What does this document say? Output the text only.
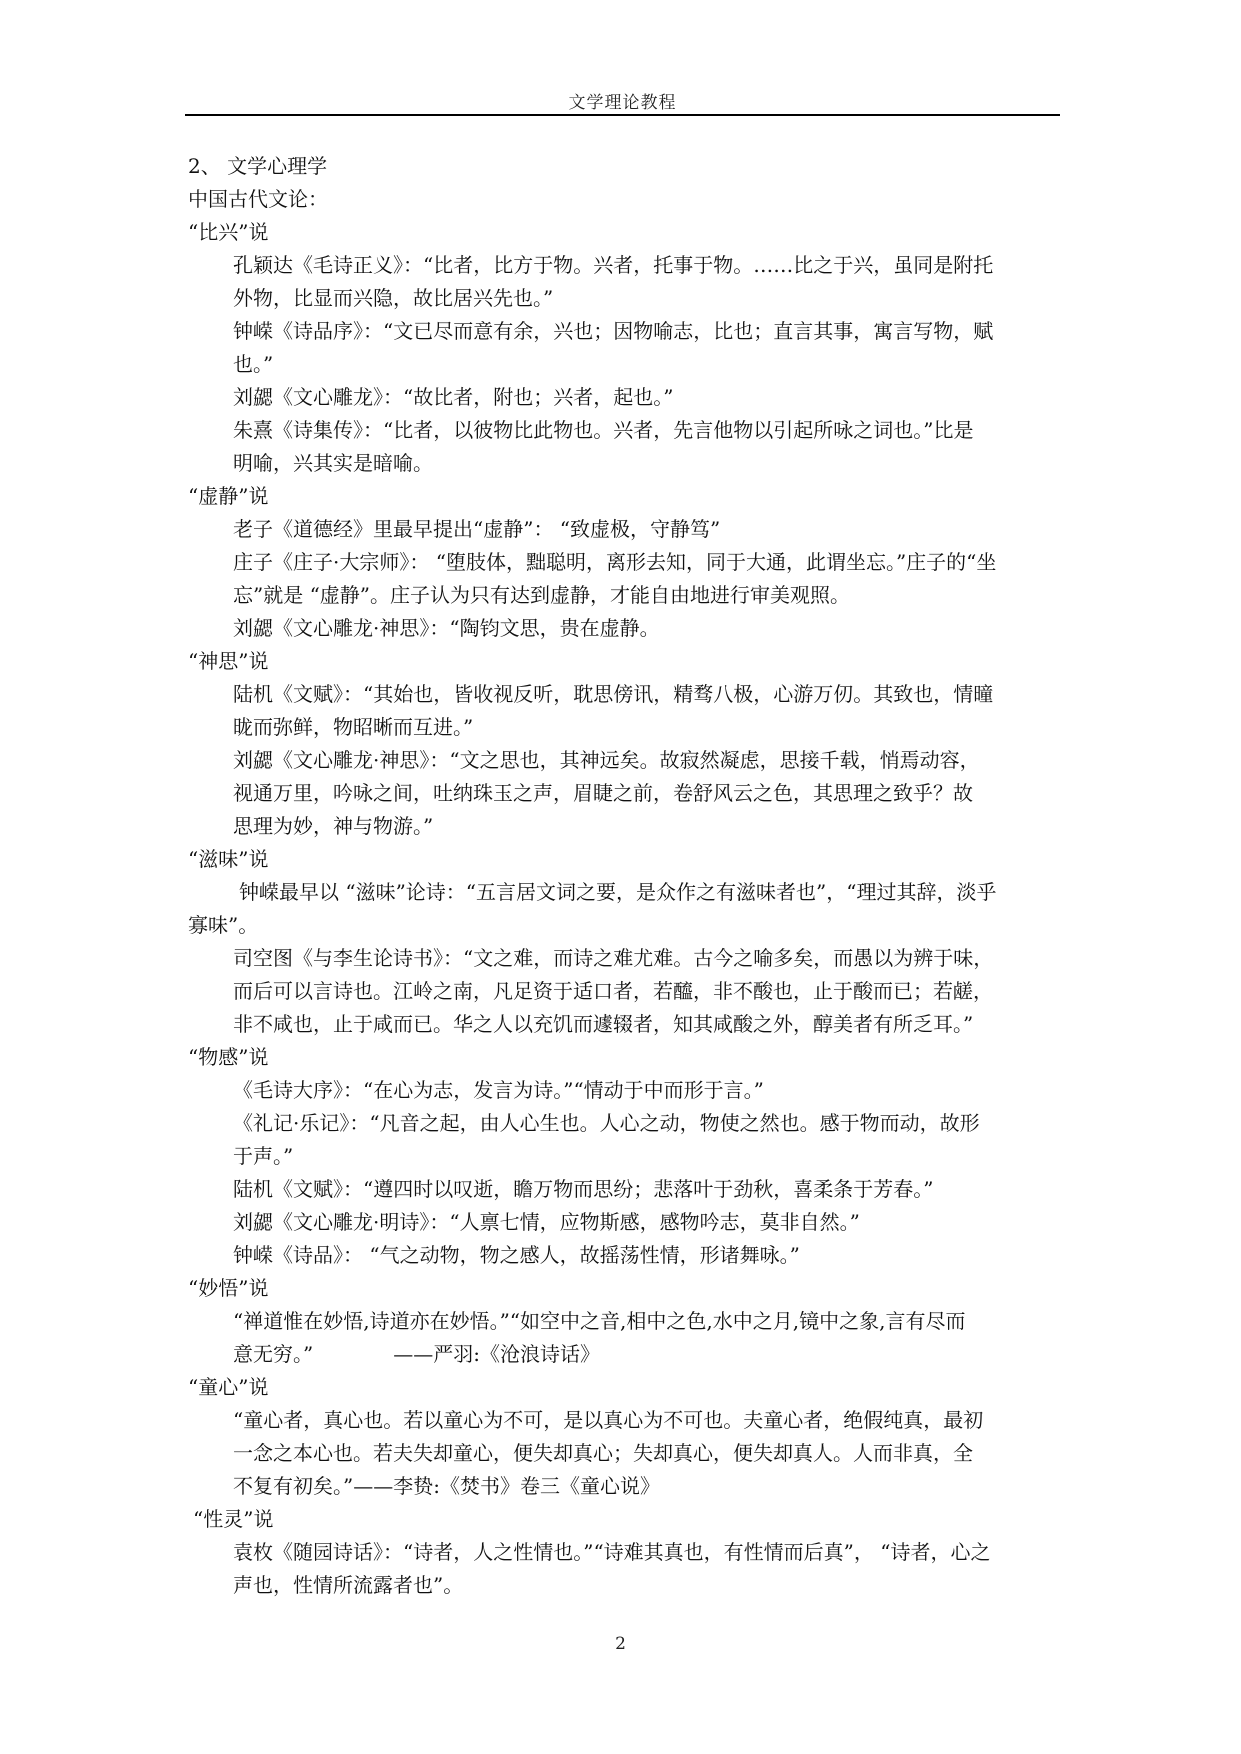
文学理论教程
2、 文学心理学
中国古代文论：
“比兴”说
孔颖达《毛诗正义》：“比者，比方于物。兴者，托事于物。……比之于兴，虽同是附托
外物，比显而兴隐，故比居兴先也。”
钟嵘《诗品序》：“文已尽而意有余，兴也；因物喻志，比也；直言其事，寓言写物，赋
也。”
刘勰《文心雕龙》：“故比者，附也；兴者，起也。”
朱熹《诗集传》：“比者，以彼物比此物也。兴者，先言他物以引起所咏之词也。”比是
明喻，兴其实是暗喻。
“虚静”说
老子《道德经》里最早提出“虚静”： “致虚极，守静笃”
庄子《庄子·大宗师》： “堕肢体，黜聪明，离形去知，同于大通，此谓坐忘。”庄子的“坐
忘”就是 “虚静”。庄子认为只有达到虚静，才能自由地进行审美观照。
刘勰《文心雕龙·神思》：“陶钧文思，贵在虚静。
“神思”说
陆机《文赋》：“其始也，皆收视反听，耽思傍讯，精骛八极，心游万仞。其致也，情曈
昽而弥鲜，物昭晰而互进。”
刘勰《文心雕龙·神思》：“文之思也，其神远矣。故寂然凝虑，思接千载，悄焉动容，
视通万里，吟咏之间，吐纳珠玉之声，眉睫之前，卷舒风云之色，其思理之致乎？故
思理为妙，神与物游。”
“滋味”说
钟嵘最早以 “滋味”论诗：“五言居文词之要，是众作之有滋味者也”，“理过其辞，淡乎
寡味”。
司空图《与李生论诗书》：“文之难，而诗之难尤难。古今之喻多矣，而愚以为辨于味，
而后可以言诗也。江岭之南，凡足资于适口者，若醯，非不酸也，止于酸而已；若鹾，
非不咸也，止于咸而已。华之人以充饥而遽辍者，知其咸酸之外，醇美者有所乏耳。”
“物感”说
《毛诗大序》：“在心为志，发言为诗。”“情动于中而形于言。”
《礼记·乐记》：“凡音之起，由人心生也。人心之动，物使之然也。感于物而动，故形
于声。”
陆机《文赋》：“遵四时以叹逝，瞻万物而思纷；悲落叶于劲秋，喜柔条于芳春。”
刘勰《文心雕龙·明诗》：“人禀七情，应物斯感，感物吟志，莫非自然。”
钟嵘《诗品》： “气之动物，物之感人，故摇荡性情，形诸舞咏。”
“妙悟”说
“禅道惟在妙悟,诗道亦在妙悟。”“如空中之音,相中之色,水中之月,镜中之象,言有尽而
意无穷。”　　　　——严羽:《沧浪诗话》
“童心”说
“童心者，真心也。若以童心为不可，是以真心为不可也。夫童心者，绝假纯真，最初
一念之本心也。若夫失却童心，便失却真心；失却真心，便失却真人。人而非真，全
不复有初矣。”——李贽:《焚书》卷三《童心说》
“性灵”说
袁枚《随园诗话》：“诗者，人之性情也。”“诗难其真也，有性情而后真”， “诗者，心之
声也，性情所流露者也”。
2
